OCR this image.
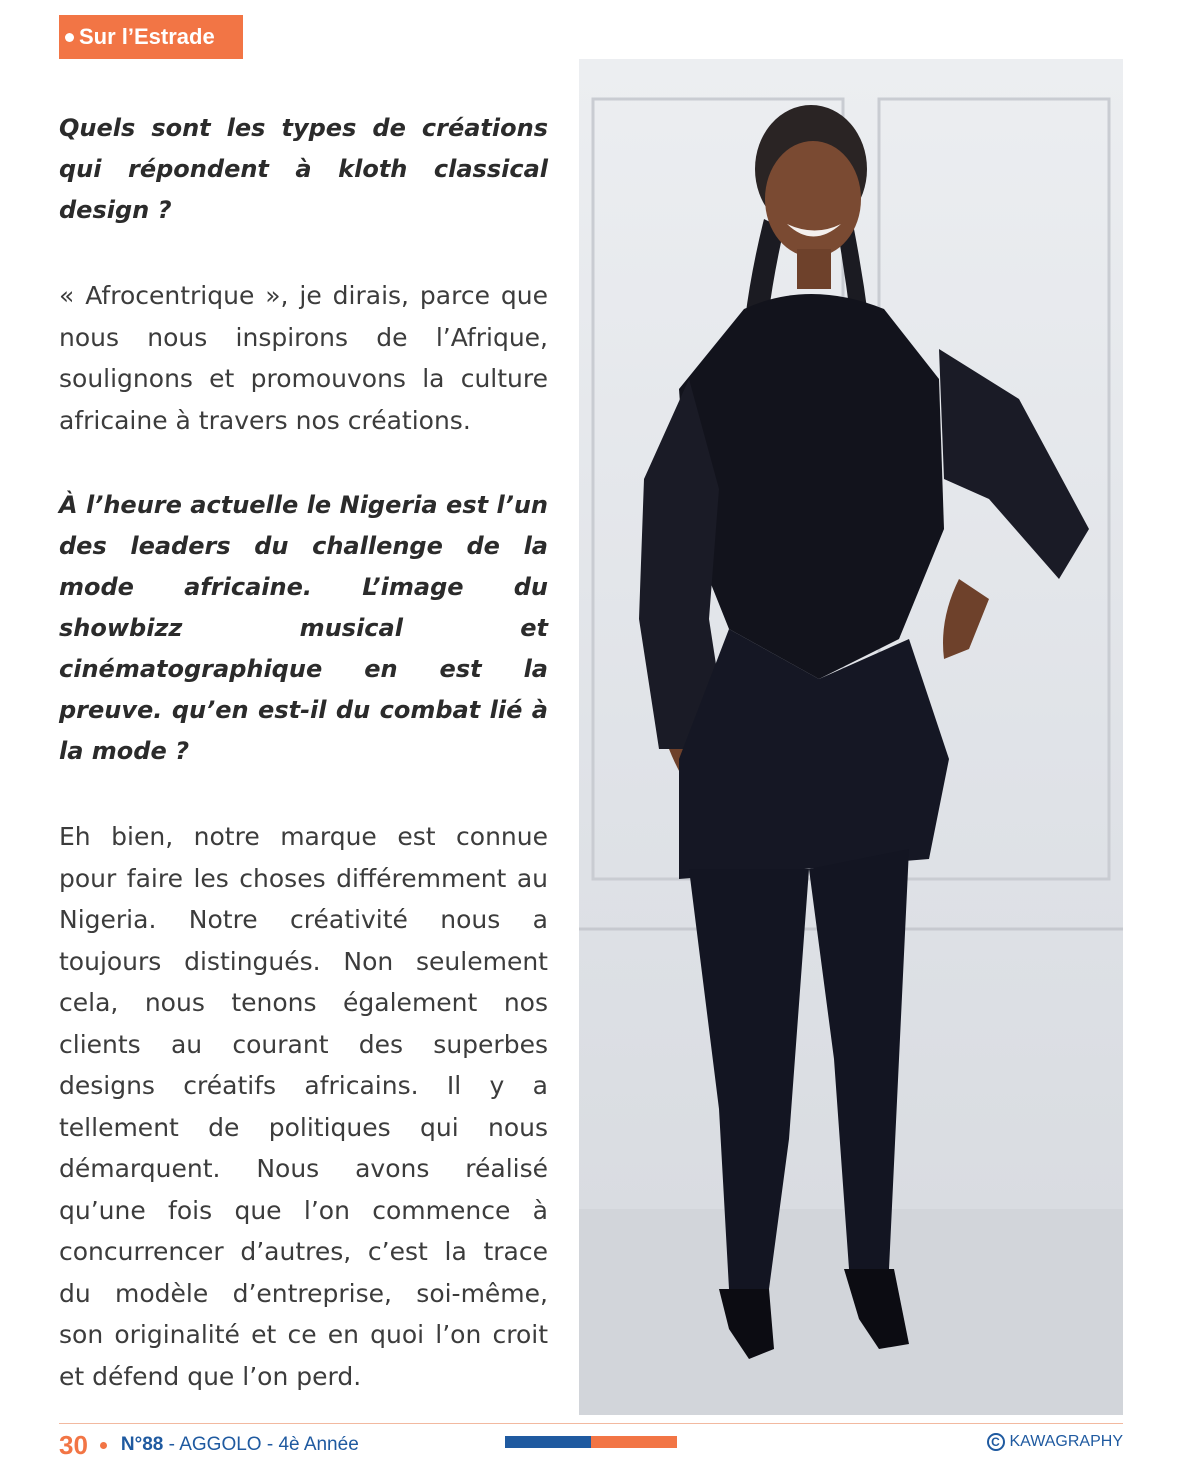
Sur l’Estrade

Quels sont les types de créations qui répondent à kloth classical design ?

« Afrocentrique », je dirais, parce que nous nous inspirons de l’Afrique, soulignons et promouvons la culture africaine à travers nos créations.

À l’heure actuelle le Nigeria est l’un des leaders du challenge de la mode africaine. L’image du showbizz musical et cinématographique en est la preuve. qu’en est-il du combat lié à la mode ?

Eh bien, notre marque est connue pour faire les choses différemment au Nigeria. Notre créativité nous a toujours distingués. Non seulement cela, nous tenons également nos clients au courant des superbes designs créatifs africains. Il y a tellement de politiques qui nous démarquent. Nous avons réalisé qu’une fois que l’on commence à concurrencer d’autres, c’est la trace du modèle d’entreprise, soi-même, son originalité et ce en quoi l’on croit et défend que l’on perd.

30 N°88 - AGGOLO - 4è Année	C KAWAGRAPHY
